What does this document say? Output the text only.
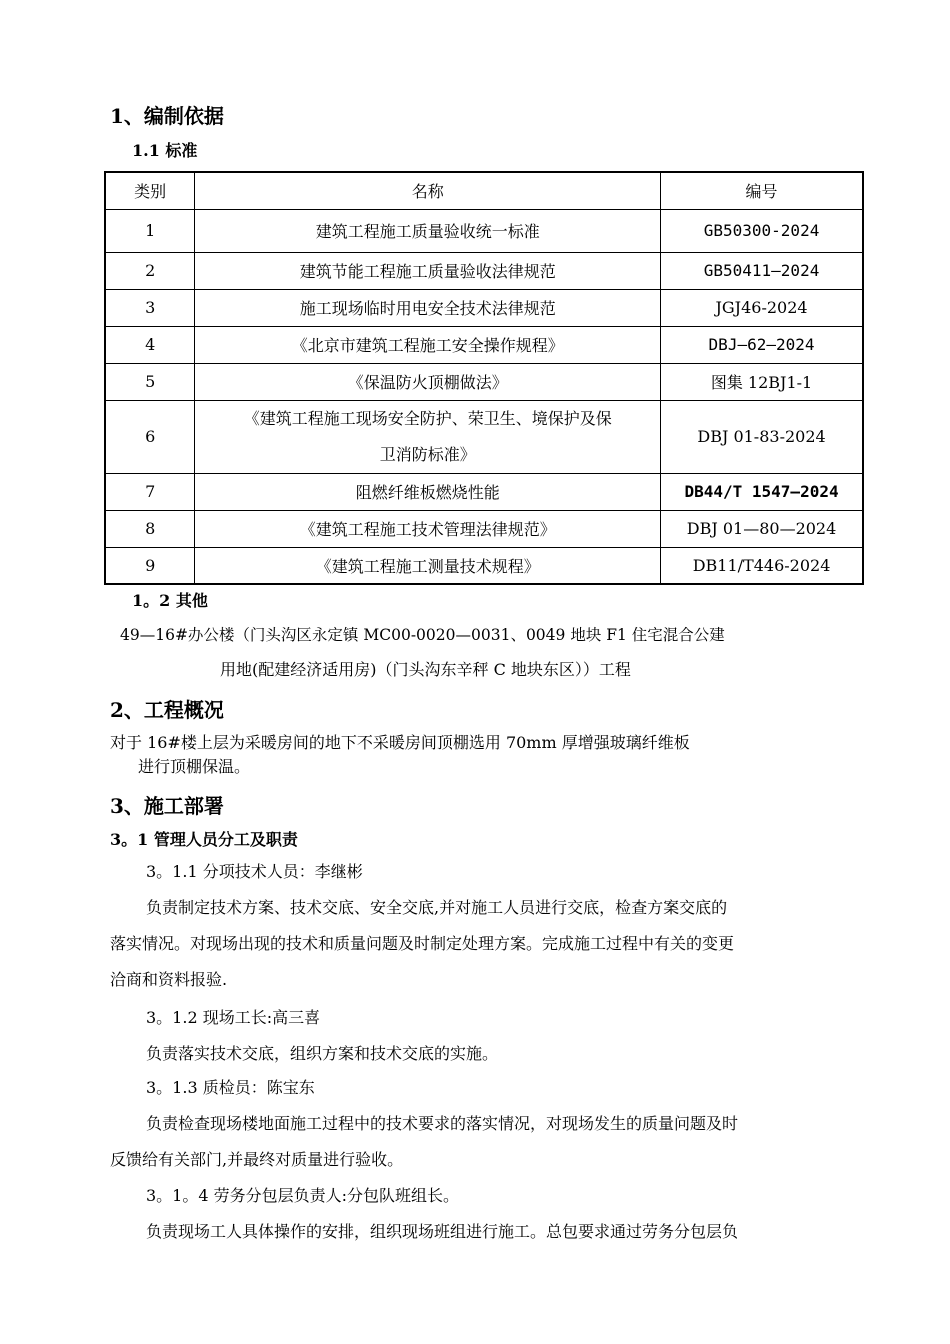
1、编制依据
1.1 标准
类别	名称	编号
1	建筑工程施工质量验收统一标准	GB50300-2024
2	建筑节能工程施工质量验收法律规范	GB50411—2024
3	施工现场临时用电安全技术法律规范	JGJ46-2024
4	《北京市建筑工程施工安全操作规程》	DBJ—62—2024
5	《保温防火顶棚做法》	图集 12BJ1-1
6	《建筑工程施工现场安全防护、荣卫生、境保护及保
卫消防标准》	DBJ 01-83-2024
7	阻燃纤维板燃烧性能	DB44/T 1547—2024
8	《建筑工程施工技术管理法律规范》	DBJ 01—80—2024
9	《建筑工程施工测量技术规程》	DB11/T446-2024
1。2 其他
49—16#办公楼（门头沟区永定镇 MC00-0020—0031、0049 地块 F1 住宅混合公建
用地(配建经济适用房)（门头沟东辛秤 C 地块东区））工程
2、工程概况
对于 16#楼上层为采暖房间的地下不采暖房间顶棚选用 70mm 厚增强玻璃纤维板
进行顶棚保温。
3、施工部署
3。1 管理人员分工及职责
3。1.1 分项技术人员：李继彬
负责制定技术方案、技术交底、安全交底,并对施工人员进行交底，检查方案交底的
落实情况。对现场出现的技术和质量问题及时制定处理方案。完成施工过程中有关的变更
洽商和资料报验.
3。1.2 现场工长:高三喜
负责落实技术交底，组织方案和技术交底的实施。
3。1.3 质检员：陈宝东
负责检查现场楼地面施工过程中的技术要求的落实情况，对现场发生的质量问题及时
反馈给有关部门,并最终对质量进行验收。
3。1。4 劳务分包层负责人:分包队班组长。
负责现场工人具体操作的安排，组织现场班组进行施工。总包要求通过劳务分包层负
